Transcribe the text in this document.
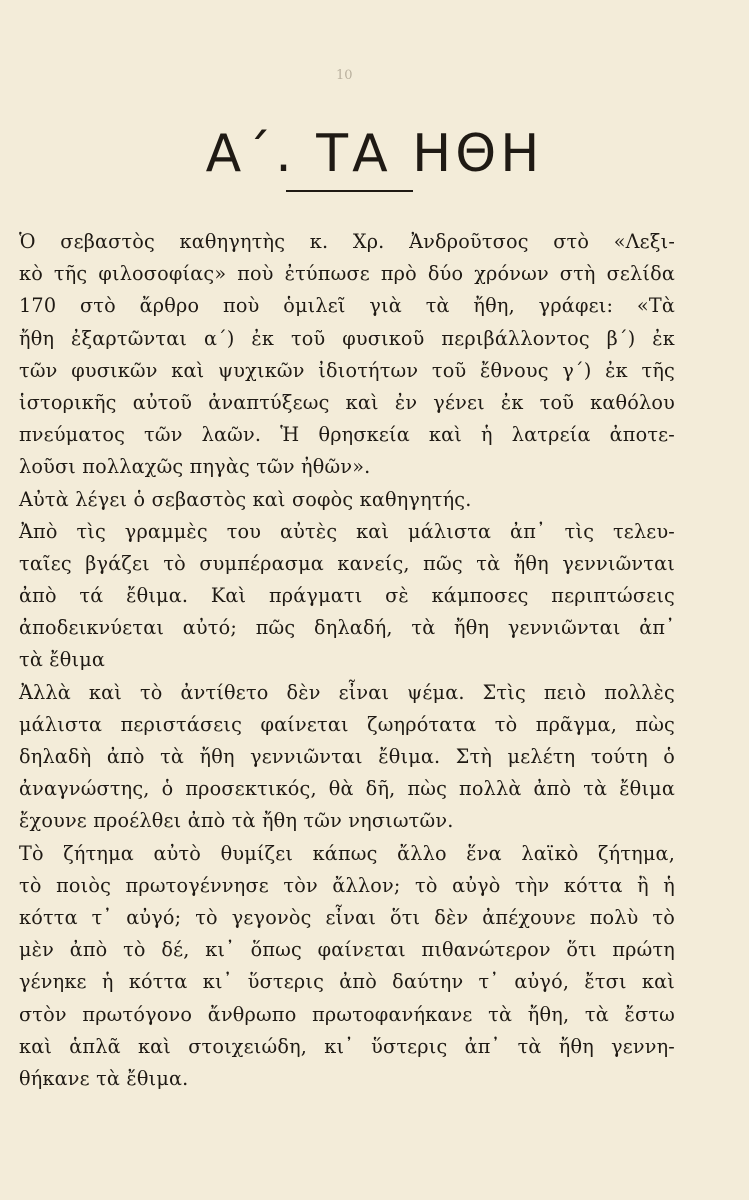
10
Α΄. ΤΑ ΗΘΗ
Ὁ σεβαστὸς καθηγητὴς κ. Χρ. Ἀνδροῦτσος στὸ «Λεξι-
κὸ τῆς φιλοσοφίας» ποὺ ἐτύπωσε πρὸ δύο χρόνων στὴ σελίδα
170 στὸ ἄρθρο ποὺ ὁμιλεῖ γιὰ τὰ ἤθη, γράφει: «Τὰ
ἤθη ἐξαρτῶνται α΄) ἐκ τοῦ φυσικοῦ περιβάλλοντος β΄) ἐκ
τῶν φυσικῶν καὶ ψυχικῶν ἰδιοτήτων τοῦ ἔθνους γ΄) ἐκ τῆς
ἱστορικῆς αὐτοῦ ἀναπτύξεως καὶ ἐν γένει ἐκ τοῦ καθόλου
πνεύματος τῶν λαῶν. Ἡ θρησκεία καὶ ἡ λατρεία ἀποτε-
λοῦσι πολλαχῶς πηγὰς τῶν ἠθῶν».
Αὐτὰ λέγει ὁ σεβαστὸς καὶ σοφὸς καθηγητής.
Ἀπὸ τὶς γραμμὲς του αὐτὲς καὶ μάλιστα ἀπ᾽ τὶς τελευ-
ταῖες βγάζει τὸ συμπέρασμα κανείς, πῶς τὰ ἤθη γεννιῶνται
ἀπὸ τά ἔθιμα. Καὶ πράγματι σὲ κάμποσες περιπτώσεις
ἀποδεικνύεται αὐτό; πῶς δηλαδή, τὰ ἤθη γεννιῶνται ἀπ᾽
τὰ ἔθιμα
Ἀλλὰ καὶ τὸ ἀντίθετο δὲν εἶναι ψέμα. Στὶς πειὸ πολλὲς
μάλιστα περιστάσεις φαίνεται ζωηρότατα τὸ πρᾶγμα, πὼς
δηλαδὴ ἀπὸ τὰ ἤθη γεννιῶνται ἔθιμα. Στὴ μελέτη τούτη ὁ
ἀναγνώστης, ὁ προσεκτικός, θὰ δῆ, πὼς πολλὰ ἀπὸ τὰ ἔθιμα
ἔχουνε προέλθει ἀπὸ τὰ ἤθη τῶν νησιωτῶν.
Τὸ ζήτημα αὐτὸ θυμίζει κάπως ἄλλο ἕνα λαϊκὸ ζήτημα,
τὸ ποιὸς πρωτογέννησε τὸν ἄλλον; τὸ αὐγὸ τὴν κόττα ἢ ἡ
κόττα τ᾽ αὐγό; τὸ γεγονὸς εἶναι ὅτι δὲν ἀπέχουνε πολὺ τὸ
μὲν ἀπὸ τὸ δέ, κι᾽ ὅπως φαίνεται πιθανώτερον ὅτι πρώτη
γένηκε ἡ κόττα κι᾽ ὕστερις ἀπὸ δαύτην τ᾽ αὐγό, ἔτσι καὶ
στὸν πρωτόγονο ἄνθρωπο πρωτοφανήκανε τὰ ἤθη, τὰ ἔστω
καὶ ἁπλᾶ καὶ στοιχειώδη, κι᾽ ὕστερις ἀπ᾽ τὰ ἤθη γεννη-
θήκανε τὰ ἔθιμα.
